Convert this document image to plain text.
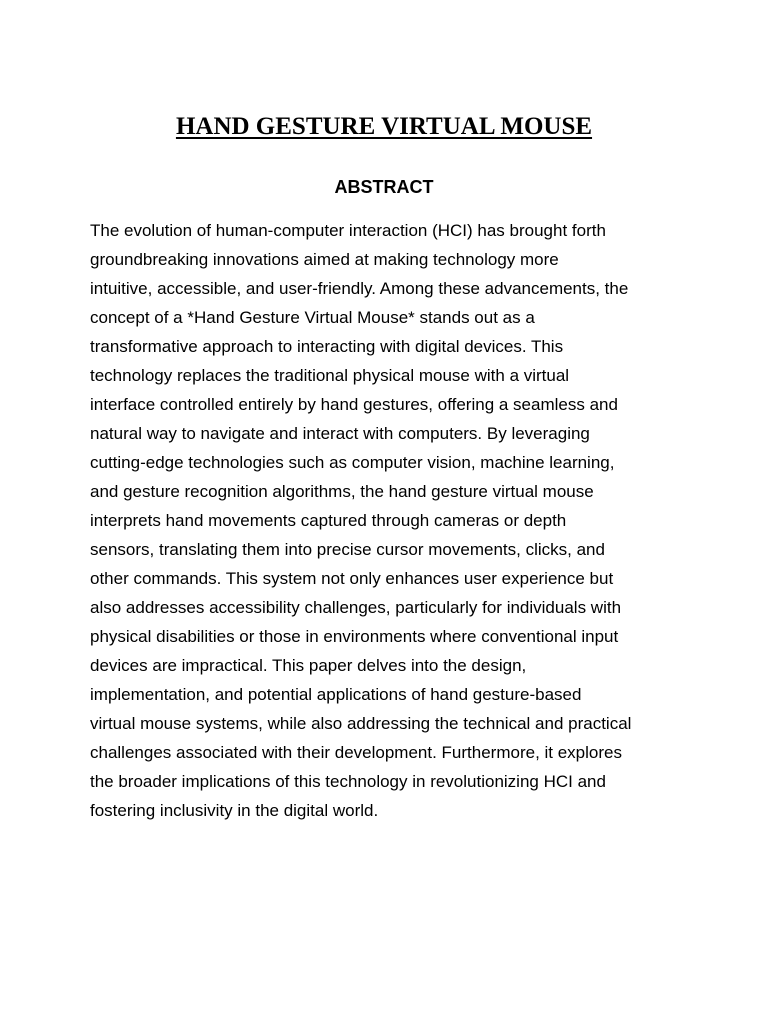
HAND GESTURE VIRTUAL MOUSE
ABSTRACT

The evolution of human-computer interaction (HCI) has brought forth
groundbreaking innovations aimed at making technology more
intuitive, accessible, and user-friendly. Among these advancements, the
concept of a *Hand Gesture Virtual Mouse* stands out as a
transformative approach to interacting with digital devices. This
technology replaces the traditional physical mouse with a virtual
interface controlled entirely by hand gestures, offering a seamless and
natural way to navigate and interact with computers. By leveraging
cutting-edge technologies such as computer vision, machine learning,
and gesture recognition algorithms, the hand gesture virtual mouse
interprets hand movements captured through cameras or depth
sensors, translating them into precise cursor movements, clicks, and
other commands. This system not only enhances user experience but
also addresses accessibility challenges, particularly for individuals with
physical disabilities or those in environments where conventional input
devices are impractical. This paper delves into the design,
implementation, and potential applications of hand gesture-based
virtual mouse systems, while also addressing the technical and practical
challenges associated with their development. Furthermore, it explores
the broader implications of this technology in revolutionizing HCI and
fostering inclusivity in the digital world.
